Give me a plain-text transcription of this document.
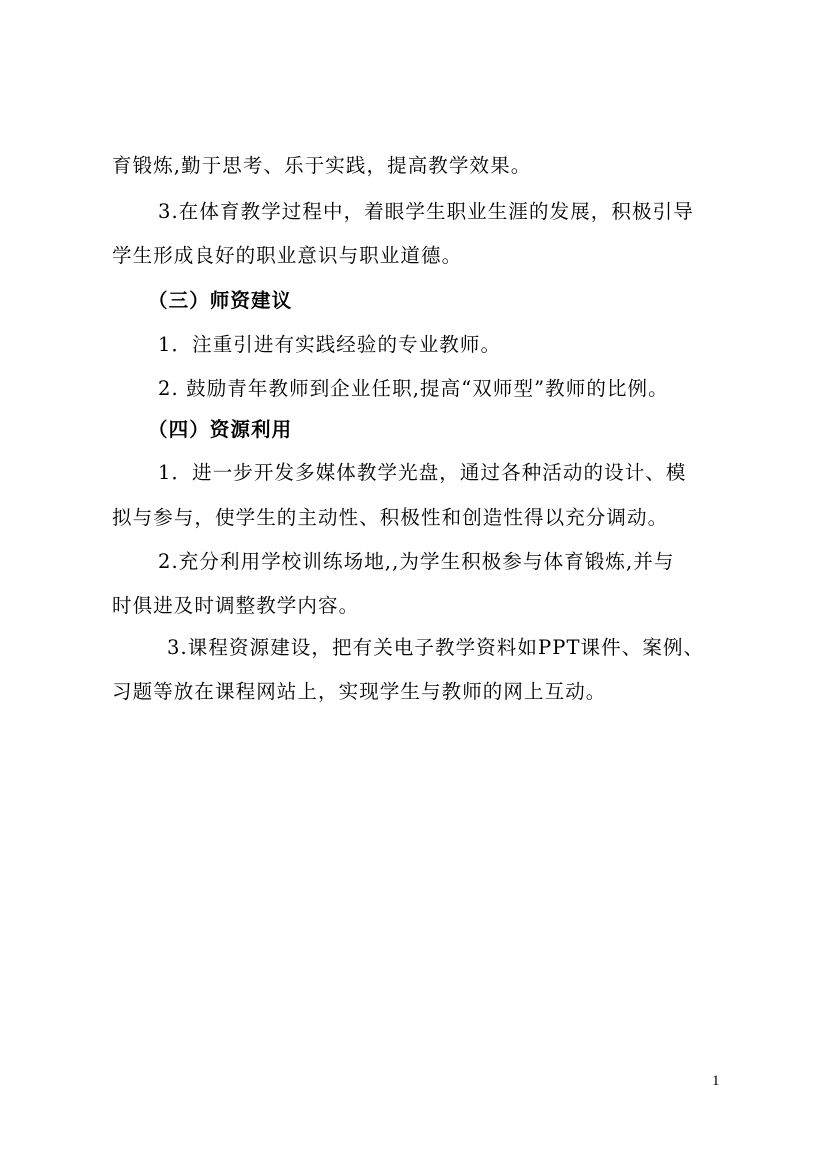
育锻炼,勤于思考、乐于实践，提高教学效果。
3.在体育教学过程中，着眼学生职业生涯的发展，积极引导
学生形成良好的职业意识与职业道德。
（三）师资建议
1．注重引进有实践经验的专业教师。
2. 鼓励青年教师到企业任职,提高“双师型”教师的比例。
（四）资源利用
1．进一步开发多媒体教学光盘，通过各种活动的设计、模
拟与参与，使学生的主动性、积极性和创造性得以充分调动。
2.充分利用学校训练场地,,为学生积极参与体育锻炼,并与
时俱进及时调整教学内容。
3.课程资源建设，把有关电子教学资料如PPT课件、案例、
习题等放在课程网站上，实现学生与教师的网上互动。
1
